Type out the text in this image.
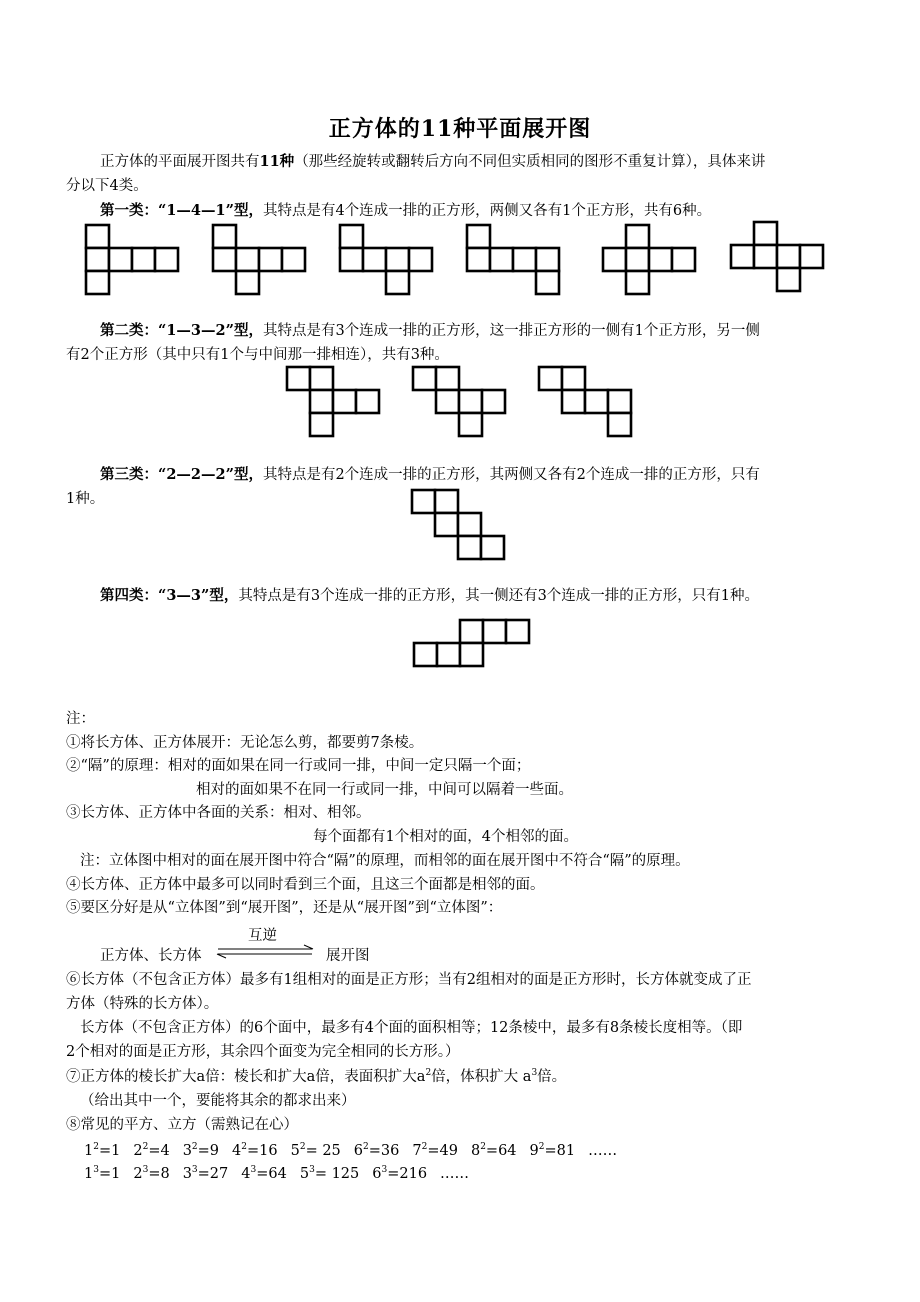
正方体的11种平面展开图
正方体的平面展开图共有11种（那些经旋转或翻转后方向不同但实质相同的图形不重复计算），具体来讲
分以下4类。
第一类：“1—4—1”型，其特点是有4个连成一排的正方形，两侧又各有1个正方形，共有6种。
第二类：“1—3—2”型，其特点是有3个连成一排的正方形，这一排正方形的一侧有1个正方形，另一侧
有2个正方形（其中只有1个与中间那一排相连），共有3种。
第三类：“2—2—2”型，其特点是有2个连成一排的正方形，其两侧又各有2个连成一排的正方形，只有
1种。
第四类：“3—3”型，其特点是有3个连成一排的正方形，其一侧还有3个连成一排的正方形，只有1种。
注：
①将长方体、正方体展开：无论怎么剪，都要剪7条棱。
②“隔”的原理：相对的面如果在同一行或同一排，中间一定只隔一个面；
相对的面如果不在同一行或同一排，中间可以隔着一些面。
③长方体、正方体中各面的关系：相对、相邻。
每个面都有1个相对的面，4个相邻的面。
注：立体图中相对的面在展开图中符合“隔”的原理，而相邻的面在展开图中不符合“隔”的原理。
④长方体、正方体中最多可以同时看到三个面，且这三个面都是相邻的面。
⑤要区分好是从“立体图”到“展开图”，还是从“展开图”到“立体图”：
互逆
正方体、长方体	展开图
⑥长方体（不包含正方体）最多有1组相对的面是正方形；当有2组相对的面是正方形时，长方体就变成了正
方体（特殊的长方体）。
长方体（不包含正方体）的6个面中，最多有4个面的面积相等；12条棱中，最多有8条棱长度相等。（即
2个相对的面是正方形，其余四个面变为完全相同的长方形。）
⑦正方体的棱长扩大a倍：棱长和扩大a倍，表面积扩大$a^2$倍，体积扩大 $a^3$倍。
（给出其中一个，要能将其余的都求出来）
⑧常见的平方、立方（需熟记在心）
$1^2=1$ $2^2=4$ $3^2=9$ $4^2=16$ $5^2= 25$ $6^2=36$ $7^2=49$ $8^2=64$ $9^2=81$ ……
$1^3=1$ $2^3=8$ $3^3=27$ $4^3=64$ $5^3= 125$ $6^3=216$ ……
